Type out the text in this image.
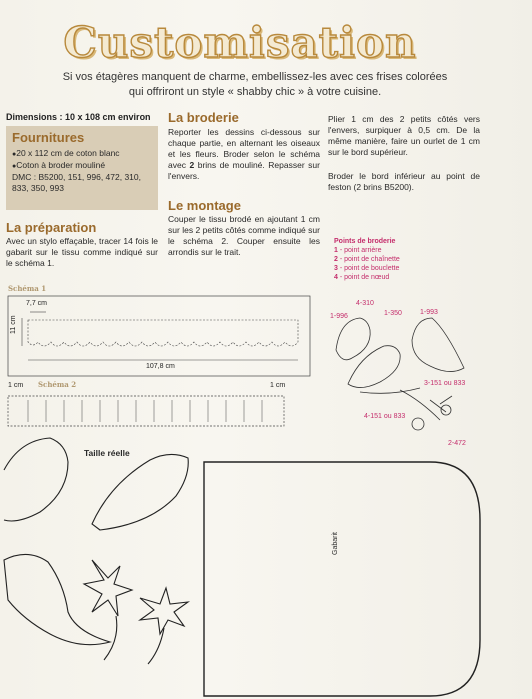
Customisation
Si vos étagères manquent de charme, embellissez-les avec ces frises colorées
qui offriront un style « shabby chic » à votre cuisine.
Dimensions : 10 x 108 cm environ
Fournitures
● 20 x 112 cm de coton blanc
● Coton à broder mouliné
DMC : B5200, 151, 996, 472, 310, 833, 350, 993
La préparation
Avec un stylo effaçable, tracer 14 fois le gabarit sur le tissu comme indiqué sur le schéma 1.
La broderie
Reporter les dessins ci-dessous sur chaque partie, en alternant les oiseaux et les fleurs. Broder selon le schéma avec 2 brins de mouliné. Repasser sur l'envers.
Le montage
Couper le tissu brodé en ajoutant 1 cm sur les 2 petits côtés comme indiqué sur le schéma 2. Couper ensuite les arrondis sur le trait.
Plier 1 cm des 2 petits côtés vers l'envers, surpiquer à 0,5 cm. De la même manière, faire un ourlet de 1 cm sur le bord supérieur.
Broder le bord inférieur au point de feston (2 brins B5200).
Points de broderie
1 - point arrière
2 - point de chaînette
3 - point de bouclette
4 - point de nœud
Schéma 1
7,7 cm
11 cm
107,8 cm
1 cm Schéma 2	1 cm
4-310
1-350
1-996
1-993
3-151 ou 833
4-151 ou 833
2-472
Taille réelle
Gabarit
